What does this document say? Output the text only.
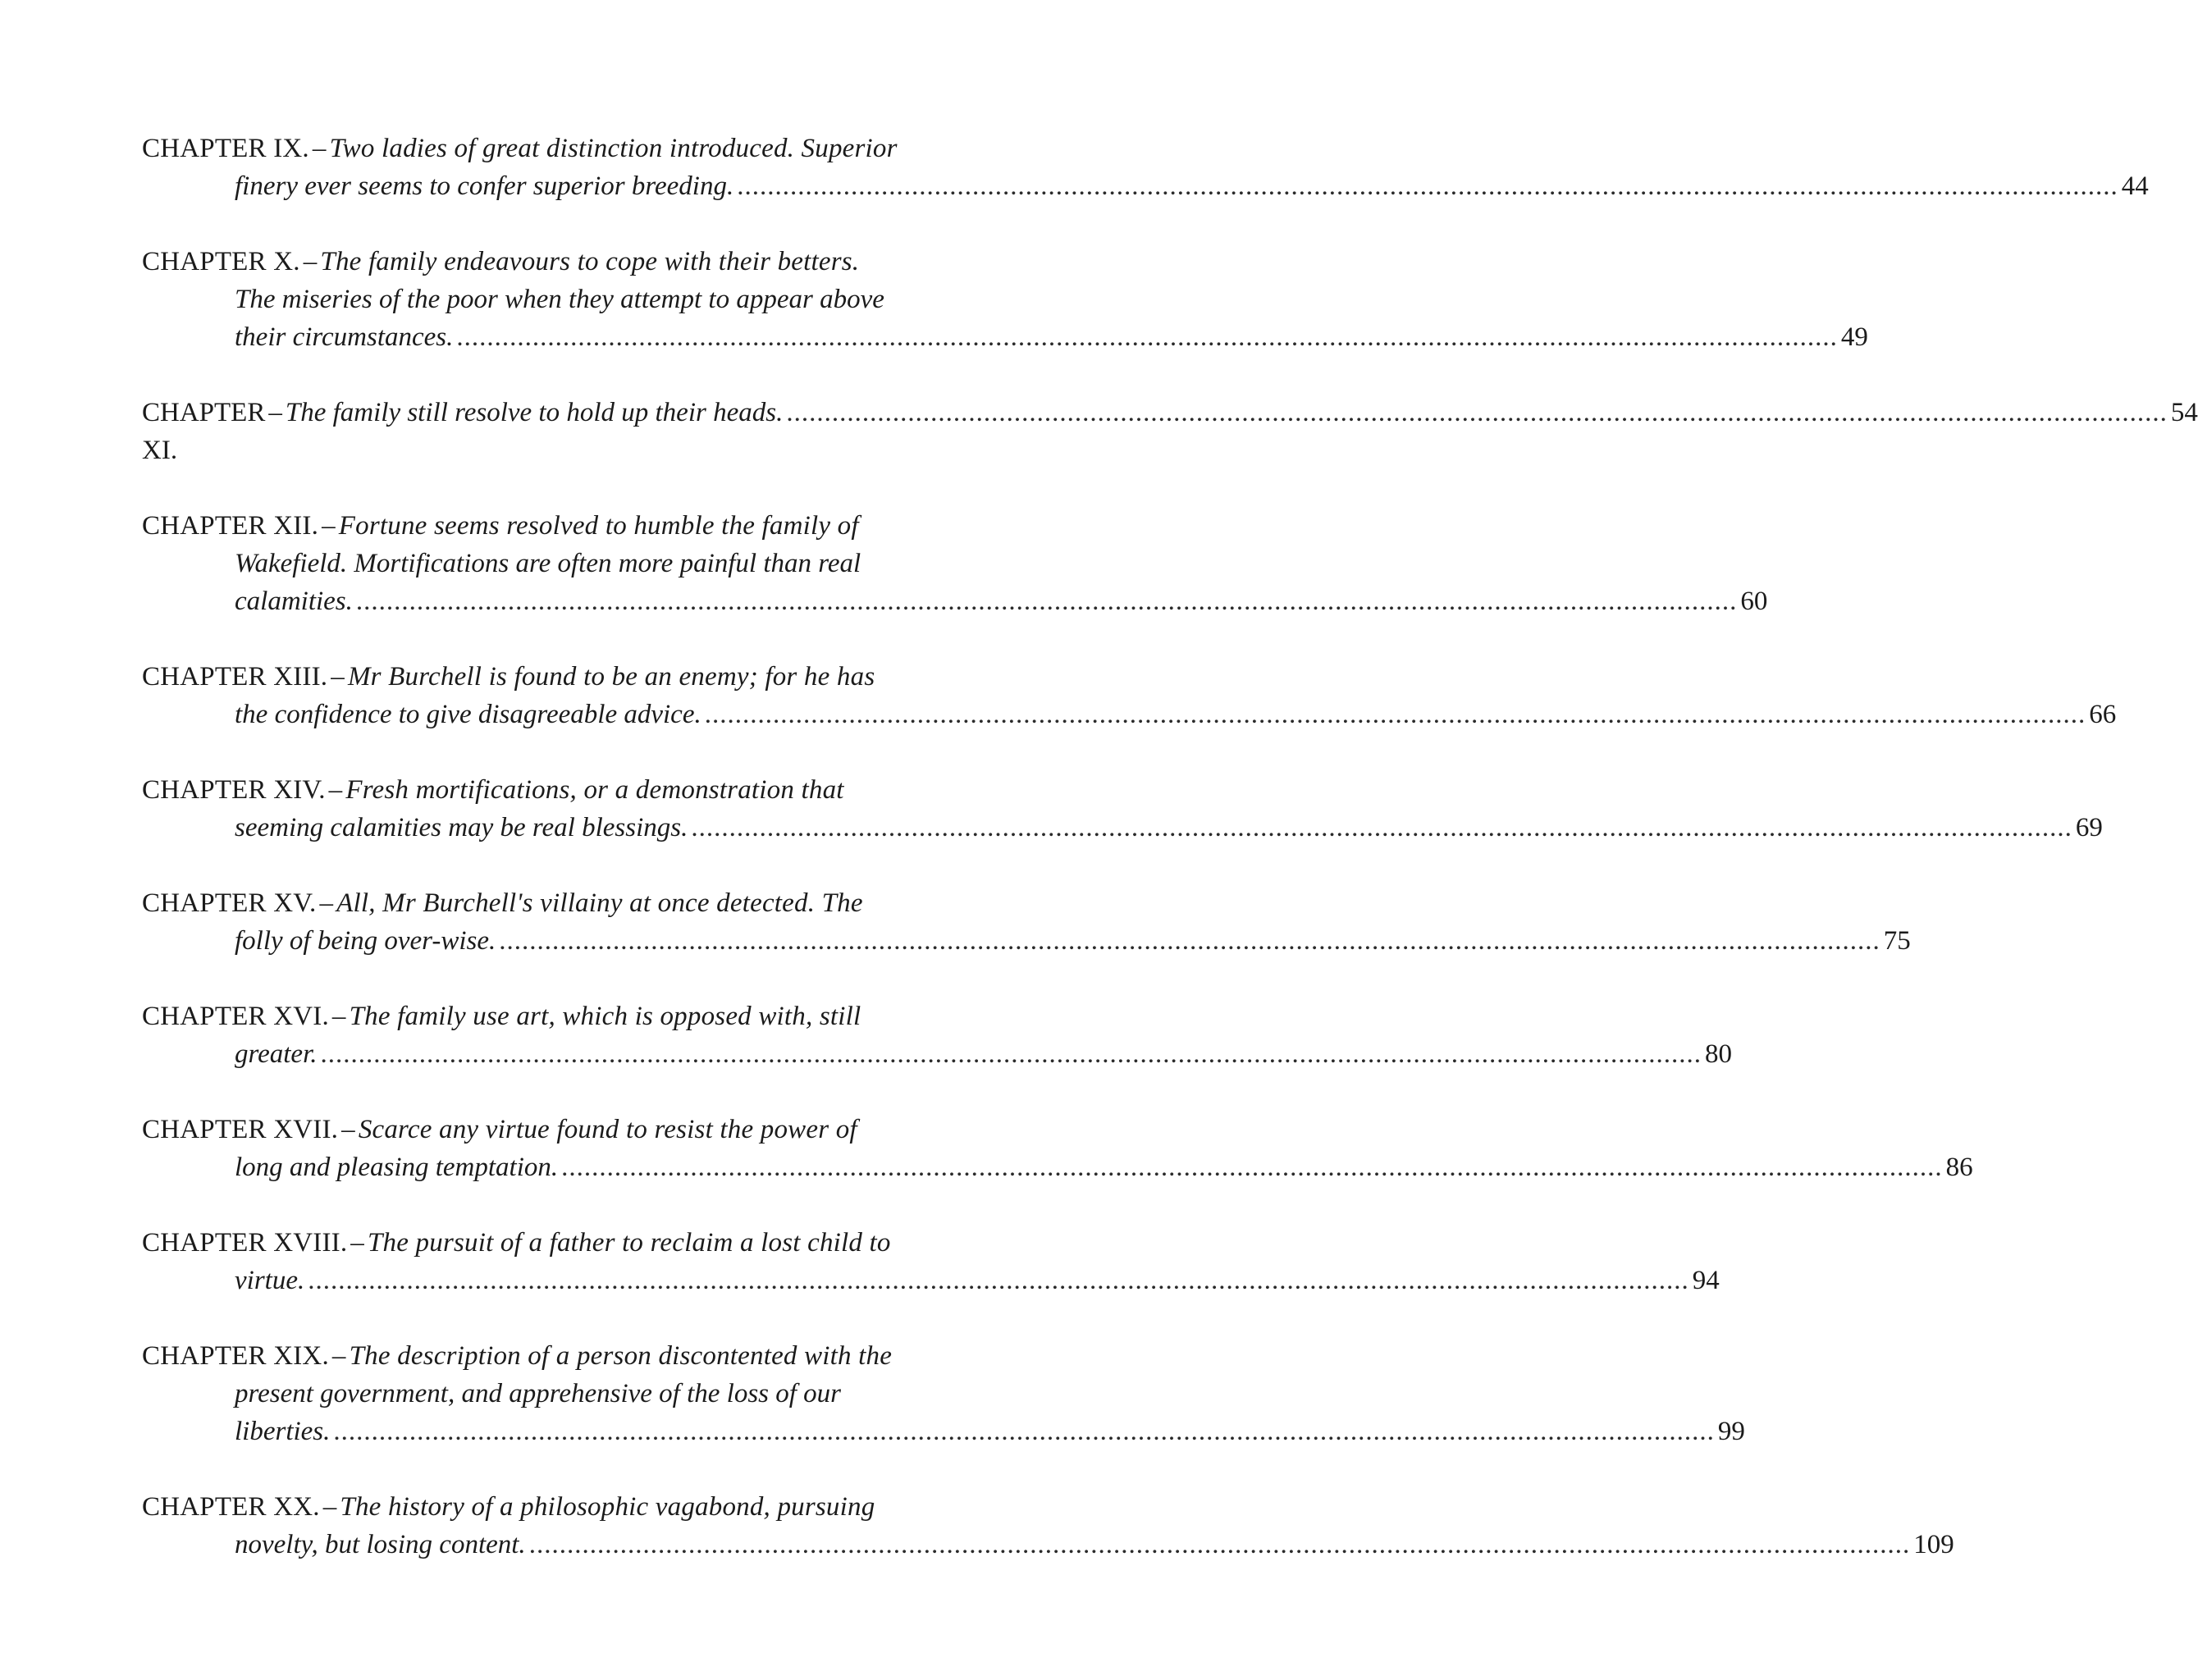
CHAPTER IX. – Two ladies of great distinction introduced. Superior
finery ever seems to confer superior breeding. ...................................................................................................................................................................................... 44
CHAPTER X. – The family endeavours to cope with their betters.
The miseries of the poor when they attempt to appear above
their circumstances. ...................................................................................................................................................................................... 49
CHAPTER XI.
– The family still resolve to hold up their heads. ...................................................................................................................................................................................... 54
CHAPTER XII. – Fortune seems resolved to humble the family of
Wakefield. Mortifications are often more painful than real
calamities. ...................................................................................................................................................................................... 60
CHAPTER XIII. – Mr Burchell is found to be an enemy; for he has
the confidence to give disagreeable advice. ...................................................................................................................................................................................... 66
CHAPTER XIV. – Fresh mortifications, or a demonstration that
seeming calamities may be real blessings. ...................................................................................................................................................................................... 69
CHAPTER XV. – All, Mr Burchell's villainy at once detected. The
folly of being over-wise. ...................................................................................................................................................................................... 75
CHAPTER XVI. – The family use art, which is opposed with, still
greater. ...................................................................................................................................................................................... 80
CHAPTER XVII. – Scarce any virtue found to resist the power of
long and pleasing temptation. ...................................................................................................................................................................................... 86
CHAPTER XVIII. – The pursuit of a father to reclaim a lost child to
virtue. ...................................................................................................................................................................................... 94
CHAPTER XIX. – The description of a person discontented with the
present government, and apprehensive of the loss of our
liberties. ...................................................................................................................................................................................... 99
CHAPTER XX. – The history of a philosophic vagabond, pursuing
novelty, but losing content. ...................................................................................................................................................................................... 109
